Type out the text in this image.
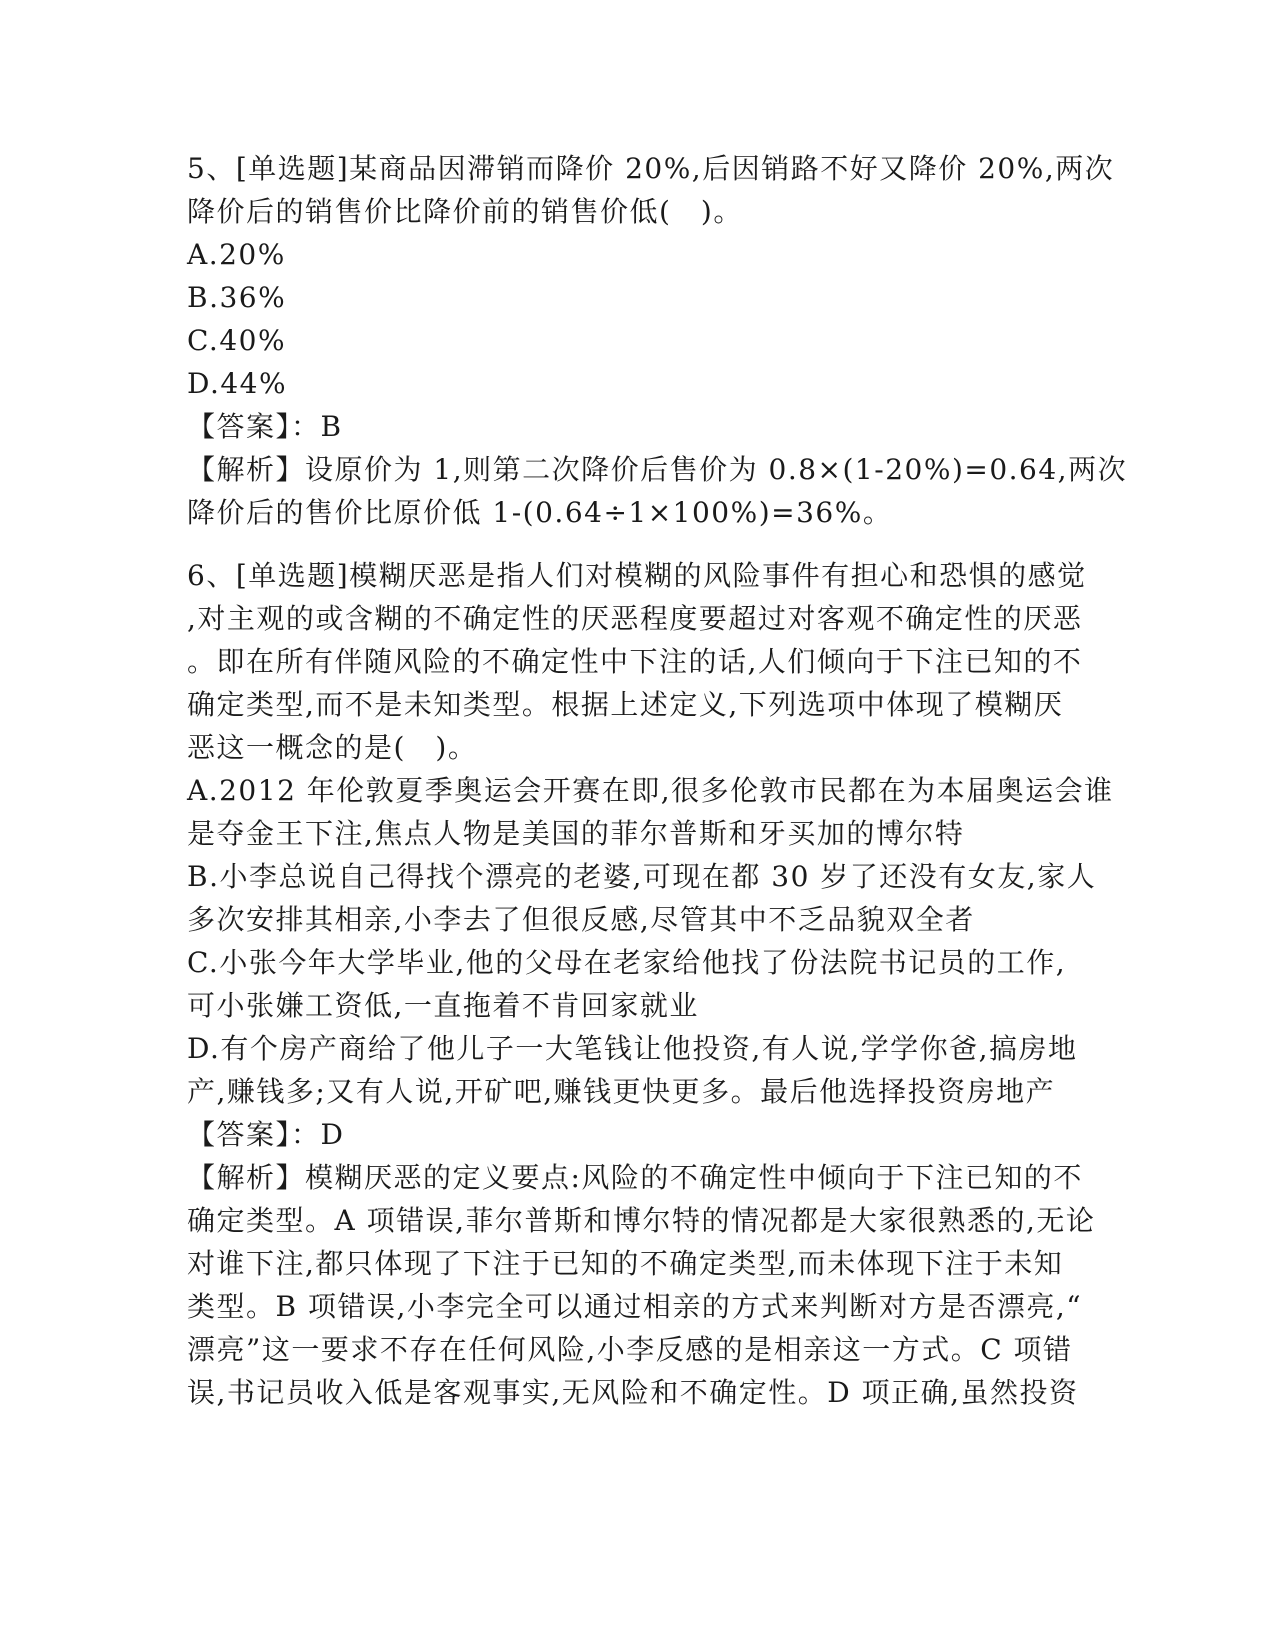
5、[单选题]某商品因滞销而降价 20%,后因销路不好又降价 20%,两次
降价后的销售价比降价前的销售价低(　)。
A.20%
B.36%
C.40%
D.44%
【答案】：B
【解析】设原价为 1,则第二次降价后售价为 0.8×(1-20%)=0.64,两次
降价后的售价比原价低 1-(0.64÷1×100%)=36%。
6、[单选题]模糊厌恶是指人们对模糊的风险事件有担心和恐惧的感觉
,对主观的或含糊的不确定性的厌恶程度要超过对客观不确定性的厌恶
。即在所有伴随风险的不确定性中下注的话,人们倾向于下注已知的不
确定类型,而不是未知类型。根据上述定义,下列选项中体现了模糊厌
恶这一概念的是(　)。
A.2012 年伦敦夏季奥运会开赛在即,很多伦敦市民都在为本届奥运会谁
是夺金王下注,焦点人物是美国的菲尔普斯和牙买加的博尔特
B.小李总说自己得找个漂亮的老婆,可现在都 30 岁了还没有女友,家人
多次安排其相亲,小李去了但很反感,尽管其中不乏品貌双全者
C.小张今年大学毕业,他的父母在老家给他找了份法院书记员的工作,
可小张嫌工资低,一直拖着不肯回家就业
D.有个房产商给了他儿子一大笔钱让他投资,有人说,学学你爸,搞房地
产,赚钱多;又有人说,开矿吧,赚钱更快更多。最后他选择投资房地产
【答案】：D
【解析】模糊厌恶的定义要点:风险的不确定性中倾向于下注已知的不
确定类型。A 项错误,菲尔普斯和博尔特的情况都是大家很熟悉的,无论
对谁下注,都只体现了下注于已知的不确定类型,而未体现下注于未知
类型。B 项错误,小李完全可以通过相亲的方式来判断对方是否漂亮,“
漂亮”这一要求不存在任何风险,小李反感的是相亲这一方式。C 项错
误,书记员收入低是客观事实,无风险和不确定性。D 项正确,虽然投资
